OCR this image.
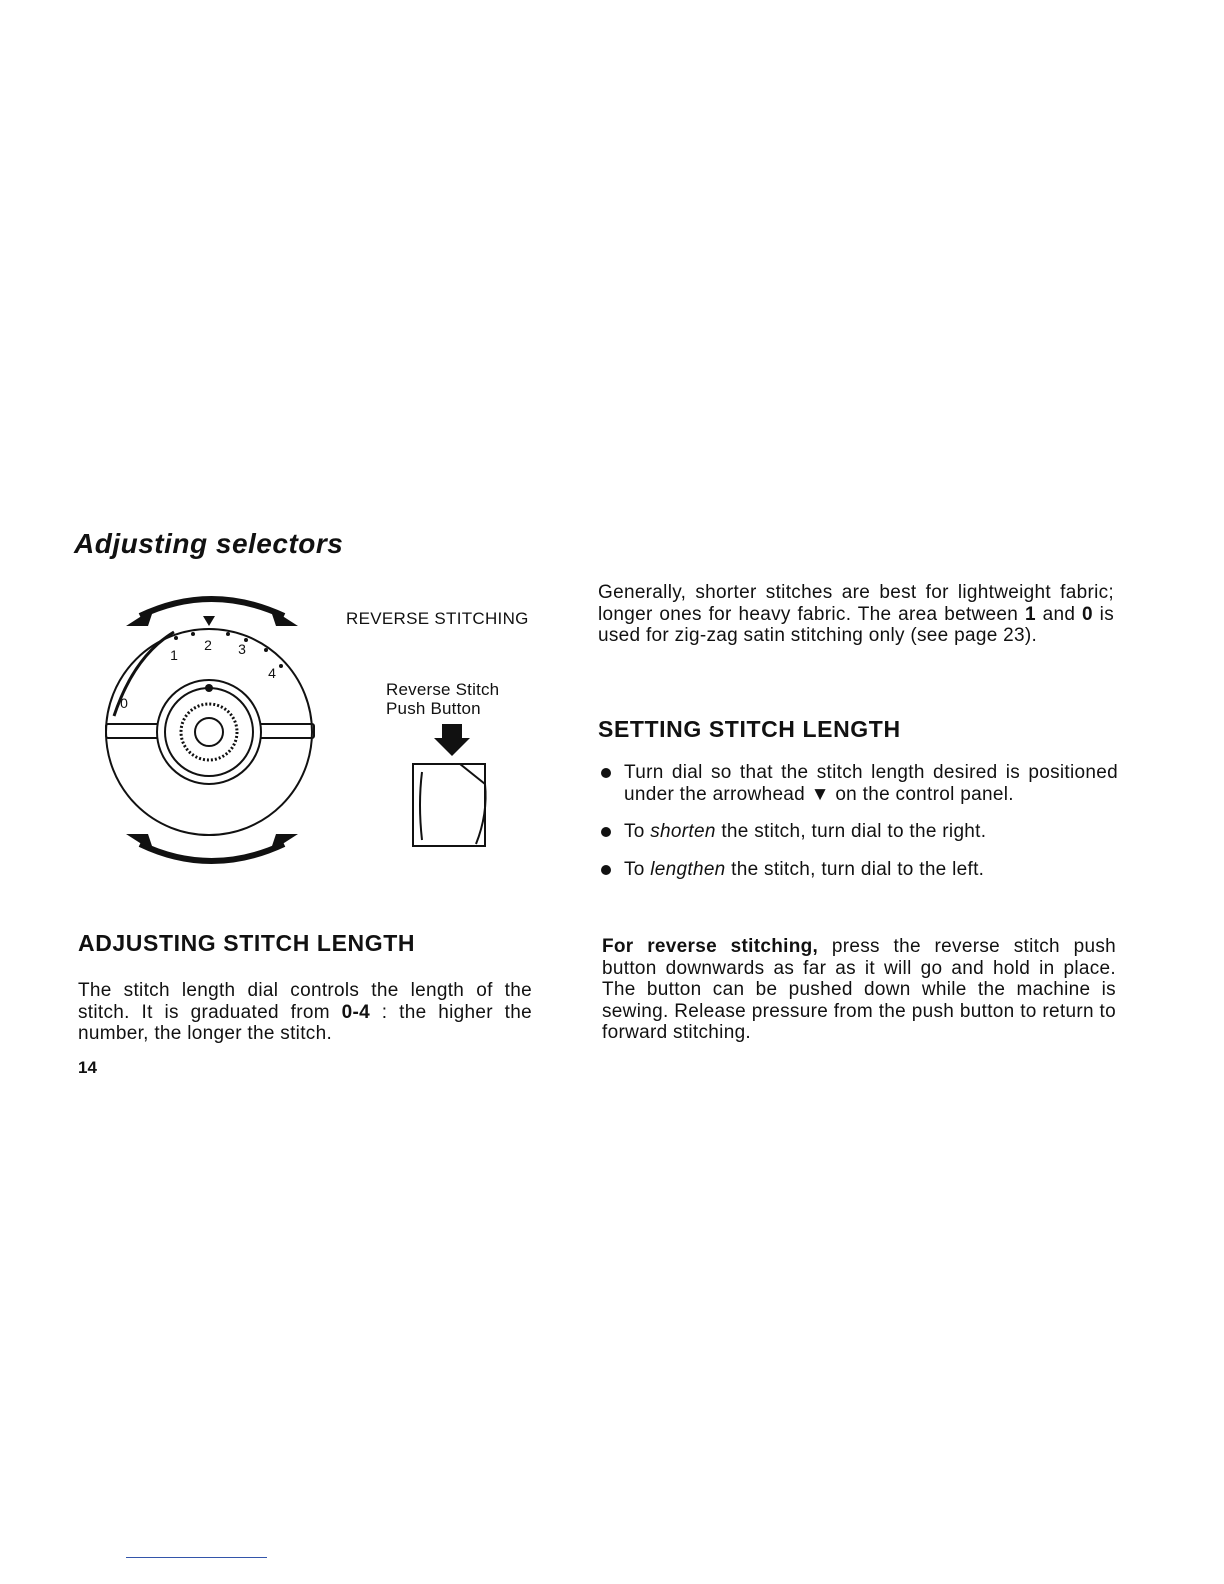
Adjusting selectors
0
1
2 3
4
REVERSE STITCHING
Reverse Stitch
Push Button
ADJUSTING STITCH LENGTH

The stitch length dial controls the length of the stitch. It is graduated from 0-4 : the higher the number, the longer the stitch.

14

Generally, shorter stitches are best for lightweight fabric; longer ones for heavy fabric. The area between 1 and 0 is used for zig-zag satin stitching only (see page 23).

SETTING STITCH LENGTH
Turn dial so that the stitch length desired is positioned under the arrowhead ▼ on the control panel.
To shorten the stitch, turn dial to the right.
To lengthen the stitch, turn dial to the left.

For reverse stitching, press the reverse stitch push button downwards as far as it will go and hold in place. The button can be pushed down while the machine is sewing. Release pressure from the push button to return to forward stitching.
